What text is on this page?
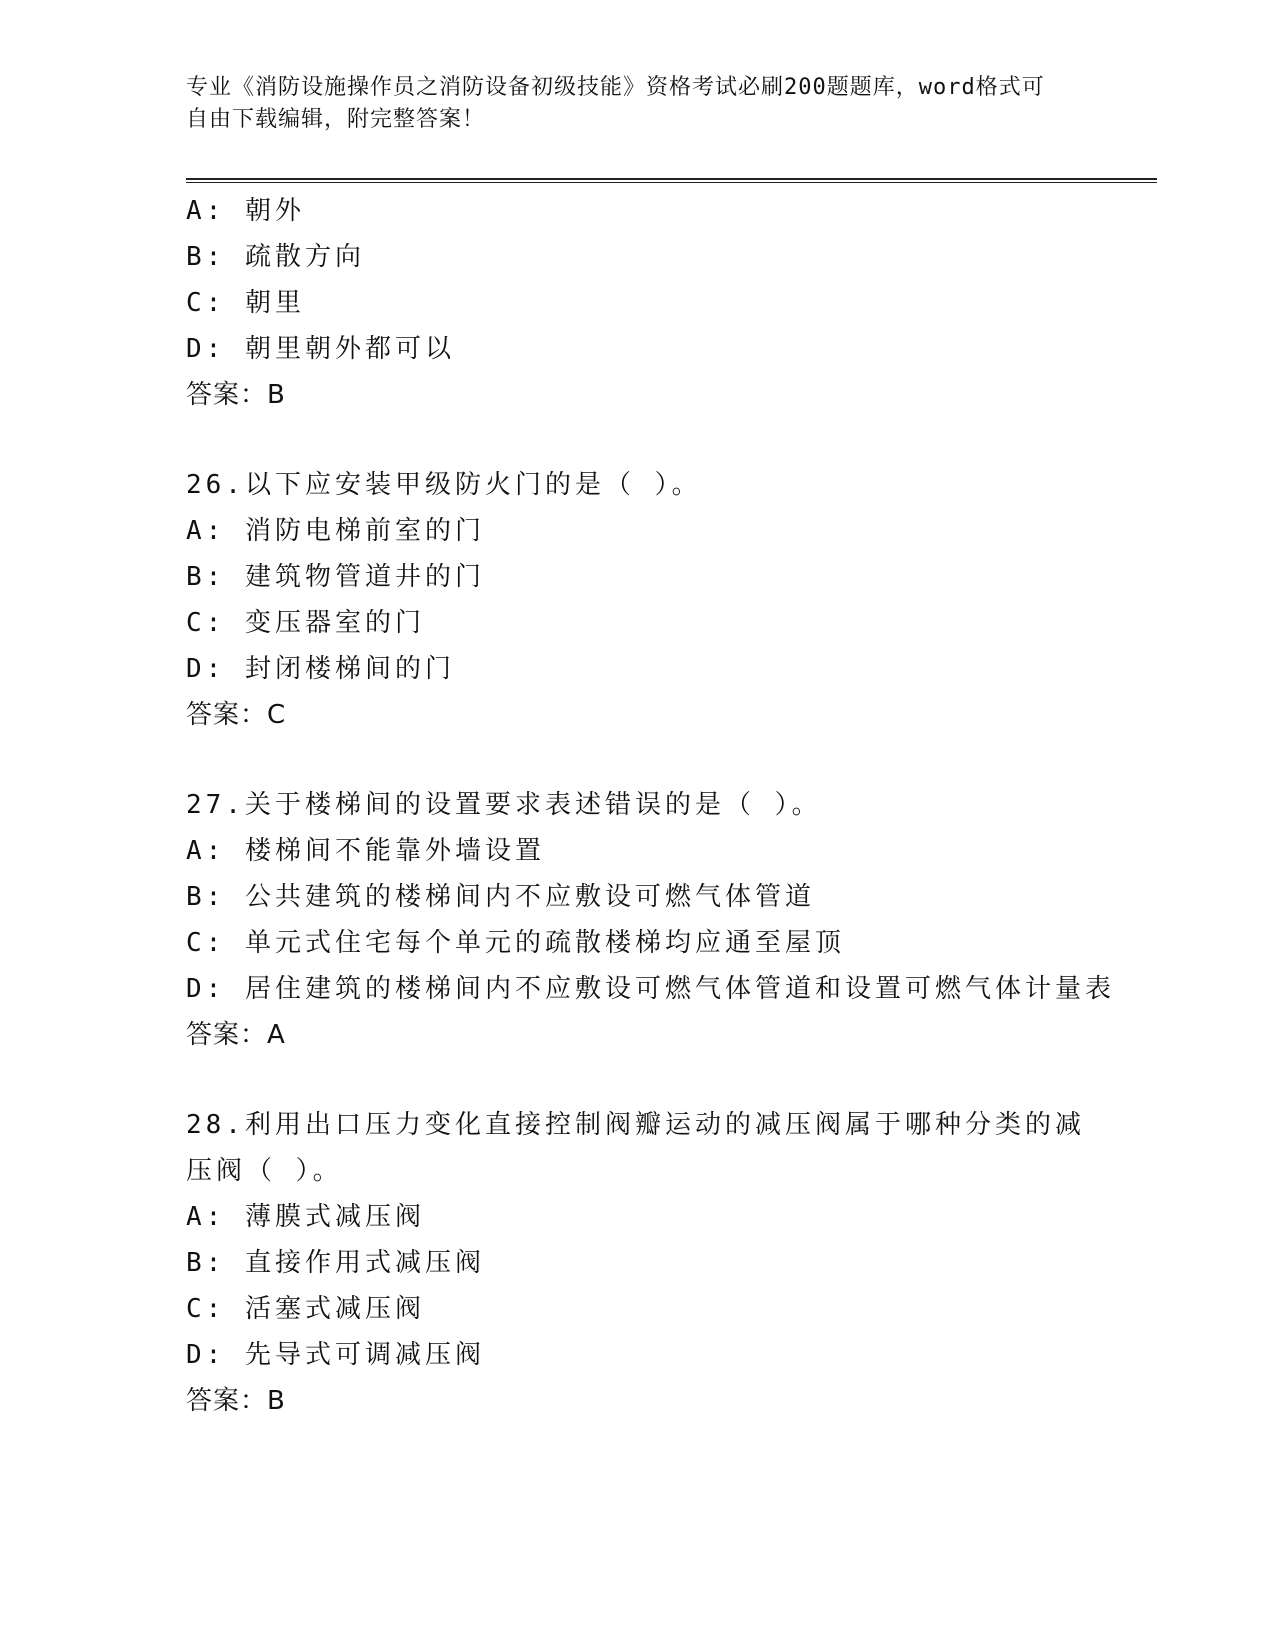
专业《消防设施操作员之消防设备初级技能》资格考试必刷200题题库，word格式可自由下载编辑，附完整答案！
A: 朝外
B: 疏散方向
C: 朝里
D: 朝里朝外都可以
答案：B
26.以下应安装甲级防火门的是（ ）。
A: 消防电梯前室的门
B: 建筑物管道井的门
C: 变压器室的门
D: 封闭楼梯间的门
答案：C
27.关于楼梯间的设置要求表述错误的是（ ）。
A: 楼梯间不能靠外墙设置
B: 公共建筑的楼梯间内不应敷设可燃气体管道
C: 单元式住宅每个单元的疏散楼梯均应通至屋顶
D: 居住建筑的楼梯间内不应敷设可燃气体管道和设置可燃气体计量表
答案：A
28.利用出口压力变化直接控制阀瓣运动的减压阀属于哪种分类的减压阀（ ）。
A: 薄膜式减压阀
B: 直接作用式减压阀
C: 活塞式减压阀
D: 先导式可调减压阀
答案：B
